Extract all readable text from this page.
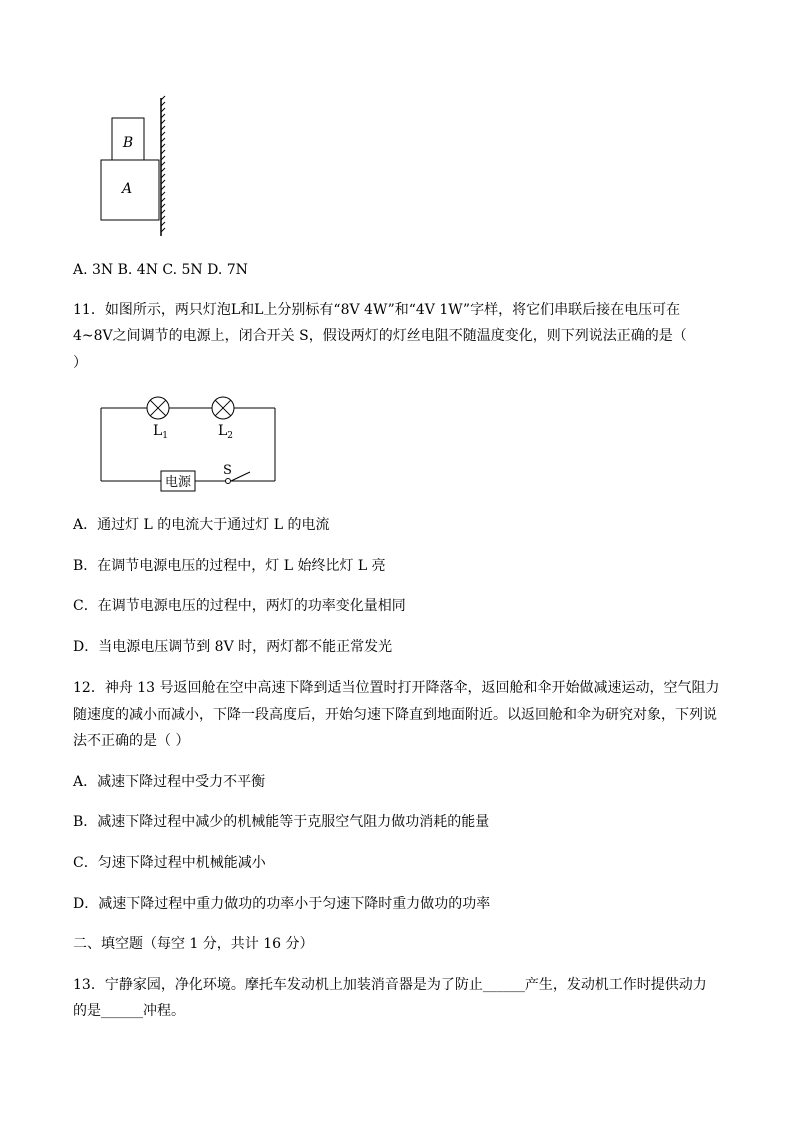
B
A
A. 3N B. 4N C. 5N D. 7N
11．如图所示，两只灯泡L和L上分别标有“8V 4W”和“4V 1W”字样，将它们串联后接在电压可在
4~8V之间调节的电源上，闭合开关 S，假设两灯的灯丝电阻不随温度变化，则下列说法正确的是（
）
$L_1$	$L_2$
S
电源
A．通过灯 L 的电流大于通过灯 L 的电流
B．在调节电源电压的过程中，灯 L 始终比灯 L 亮
C．在调节电源电压的过程中，两灯的功率变化量相同
D．当电源电压调节到 8V 时，两灯都不能正常发光
12．神舟 13 号返回舱在空中高速下降到适当位置时打开降落伞，返回舱和伞开始做减速运动，空气阻力
随速度的减小而减小，下降一段高度后，开始匀速下降直到地面附近。以返回舱和伞为研究对象，下列说
法不正确的是（ ）
A．减速下降过程中受力不平衡
B．减速下降过程中减少的机械能等于克服空气阻力做功消耗的能量
C．匀速下降过程中机械能减小
D．减速下降过程中重力做功的功率小于匀速下降时重力做功的功率
二、填空题（每空 1 分，共计 16 分）
13．宁静家园，净化环境。摩托车发动机上加装消音器是为了防止______产生，发动机工作时提供动力
的是______冲程。
